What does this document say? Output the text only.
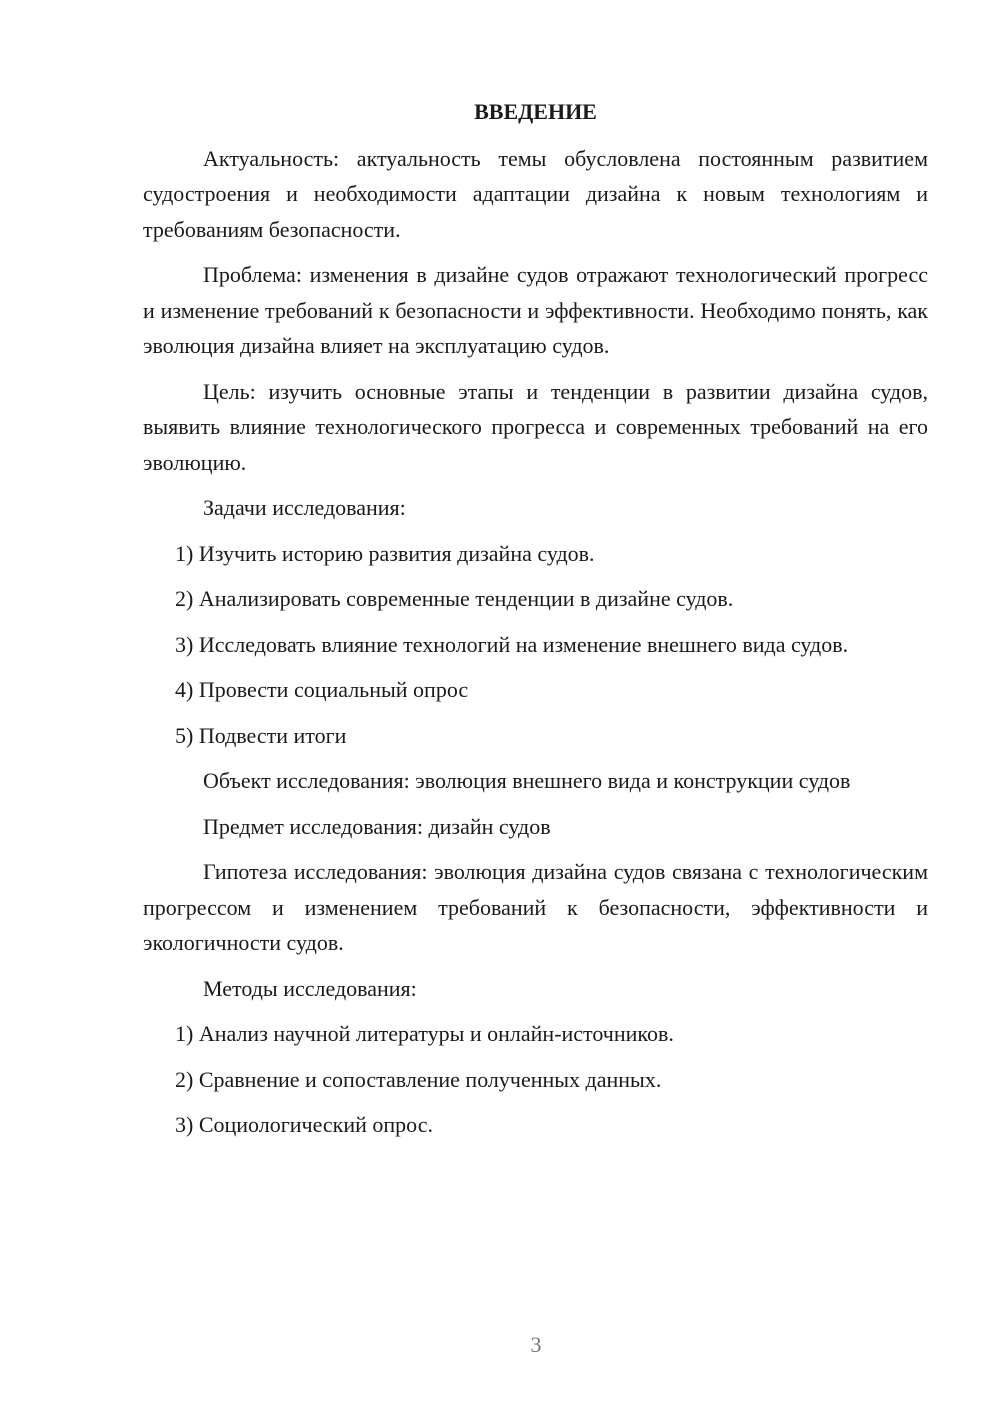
ВВЕДЕНИЕ

Актуальность: актуальность темы обусловлена постоянным развитием судостроения и необходимости адаптации дизайна к новым технологиям и требованиям безопасности.

Проблема: изменения в дизайне судов отражают технологический прогресс и изменение требований к безопасности и эффективности. Необходимо понять, как эволюция дизайна влияет на эксплуатацию судов.

Цель: изучить основные этапы и тенденции в развитии дизайна судов, выявить влияние технологического прогресса и современных требований на его эволюцию.

Задачи исследования:

1) Изучить историю развития дизайна судов.

2) Анализировать современные тенденции в дизайне судов.

3) Исследовать влияние технологий на изменение внешнего вида судов.

4) Провести социальный опрос

5) Подвести итоги

Объект исследования: эволюция внешнего вида и конструкции судов

Предмет исследования: дизайн судов

Гипотеза исследования: эволюция дизайна судов связана с технологическим прогрессом и изменением требований к безопасности, эффективности и экологичности судов.

Методы исследования:

1) Анализ научной литературы и онлайн-источников.

2) Сравнение и сопоставление полученных данных.

3) Социологический опрос.

3
